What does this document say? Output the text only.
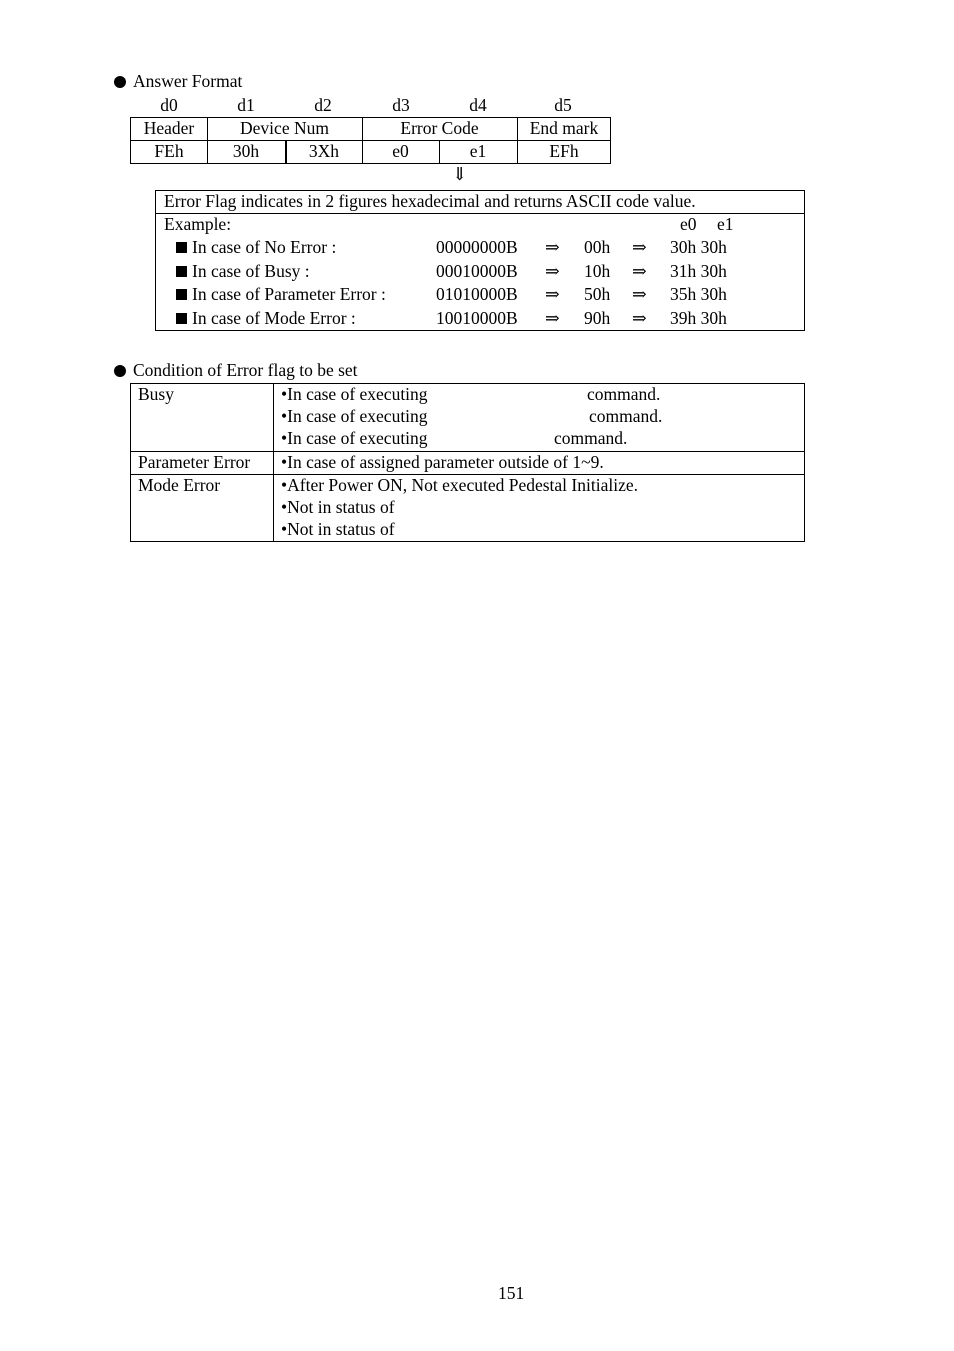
Answer Format
d0	d1	d2	d3	d4	d5
Header	Device Num	Error Code	End mark
FEh	30h	3Xh	e0	e1	EFh
⇓
Error Flag indicates in 2 figures hexadecimal and returns ASCII code value.
Example:	e0 e1
In case of No Error :	00000000B ⇒ 00h ⇒ 30h 30h
In case of Busy :	00010000B ⇒ 10h ⇒ 31h 30h
In case of Parameter Error :	01010000B ⇒ 50h ⇒ 35h 30h
In case of Mode Error :	10010000B ⇒ 90h ⇒ 39h 30h
Condition of Error flag to be set
Busy	•In case of executing	command.
•In case of executing	command.
•In case of executing	command.
Parameter Error •In case of assigned parameter outside of 1~9.
Mode Error	•After Power ON, Not executed Pedestal Initialize.
•Not in status of
•Not in status of
151
